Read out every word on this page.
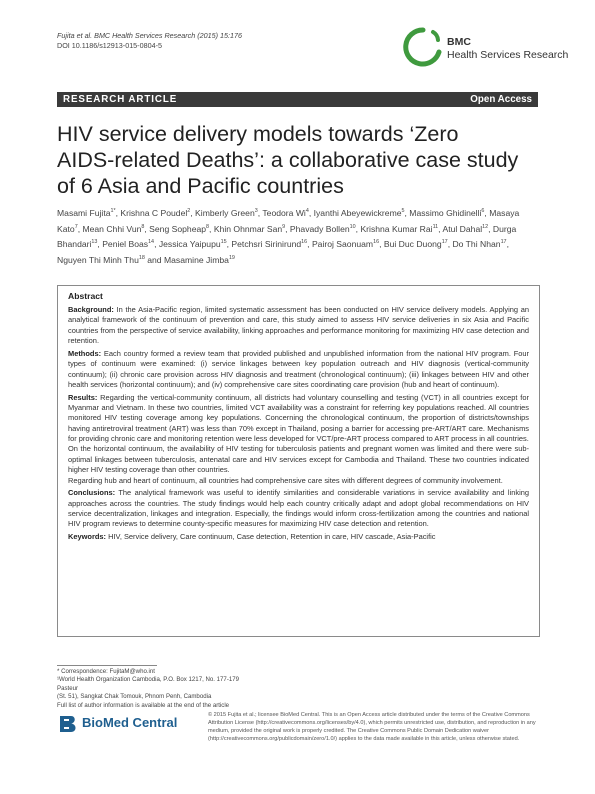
Fujita et al. BMC Health Services Research (2015) 15:176
DOI 10.1186/s12913-015-0804-5	BMC
Health Services Research
RESEARCH ARTICLE	Open Access
HIV service delivery models towards ‘Zero
AIDS-related Deaths’: a collaborative case study
of 6 Asia and Pacific countries
Masami Fujita$^{1*}$, Krishna C Poudel$^2$, Kimberly Green$^3$, Teodora Wi$^4$, Iyanthi Abeyewickreme$^5$, Massimo Ghidinelli$^6$, Masaya Kato$^7$, Mean Chhi Vun$^8$, Seng Sopheap$^8$, Khin Ohnmar San$^9$, Phavady Bollen$^{10}$, Krishna Kumar Rai$^{11}$, Atul Dahal$^{12}$, Durga Bhandari$^{13}$, Peniel Boas$^{14}$, Jessica Yaipupu$^{15}$, Petchsri Sirinirund$^{16}$, Pairoj Saonuam$^{16}$, Bui Duc Duong$^{17}$, Do Thi Nhan$^{17}$, Nguyen Thi Minh Thu$^{18}$ and Masamine Jimba$^{19}$
Abstract

Background: In the Asia-Pacific region, limited systematic assessment has been conducted on HIV service delivery models. Applying an analytical framework of the continuum of prevention and care, this study aimed to assess HIV service deliveries in six Asia and Pacific countries from the perspective of service availability, linking approaches and performance monitoring for maximizing HIV case detection and retention.

Methods: Each country formed a review team that provided published and unpublished information from the national HIV program. Four types of continuum were examined: (i) service linkages between key population outreach and HIV diagnosis (vertical-community continuum); (ii) chronic care provision across HIV diagnosis and treatment (chronological continuum); (iii) linkages between HIV and other health services (horizontal continuum); and (iv) comprehensive care sites coordinating care provision (hub and heart of continuum).

Results: Regarding the vertical-community continuum, all districts had voluntary counselling and testing (VCT) in all countries except for Myanmar and Vietnam. In these two countries, limited VCT availability was a constraint for referring key populations reached. All countries monitored HIV testing coverage among key populations. Concerning the chronological continuum, the proportion of districts/townships having antiretroviral treatment (ART) was less than 70% except in Thailand, posing a barrier for accessing pre-ART/ART care. Mechanisms for providing chronic care and monitoring retention were less developed for VCT/pre-ART process compared to ART process in all countries.

On the horizontal continuum, the availability of HIV testing for tuberculosis patients and pregnant women was limited and there were sub-optimal linkages between tuberculosis, antenatal care and HIV services except for Cambodia and Thailand. These two countries indicated higher HIV testing coverage than other countries.

Regarding hub and heart of continuum, all countries had comprehensive care sites with different degrees of community involvement.

Conclusions: The analytical framework was useful to identify similarities and considerable variations in service availability and linking approaches across the countries. The study findings would help each country critically adapt and adopt global recommendations on HIV service decentralization, linkages and integration. Especially, the findings would inform cross-fertilization among the countries and national HIV program reviews to determine county-specific measures for maximizing HIV case detection and retention.

Keywords: HIV, Service delivery, Care continuum, Case detection, Retention in care, HIV cascade, Asia-Pacific

* Correspondence: FujitaM@who.int
¹World Health Organization Cambodia, P.O. Box 1217, No. 177-179 Pasteur
(St. 51), Sangkat Chak Tomouk, Phnom Penh, Cambodia
Full list of author information is available at the end of the article
BioMed Central	© 2015 Fujita et al.; licensee BioMed Central. This is an Open Access article distributed under the terms of the Creative Commons Attribution License (http://creativecommons.org/licenses/by/4.0), which permits unrestricted use, distribution, and reproduction in any medium, provided the original work is properly credited. The Creative Commons Public Domain Dedication waiver (http://creativecommons.org/publicdomain/zero/1.0/) applies to the data made available in this article, unless otherwise stated.
